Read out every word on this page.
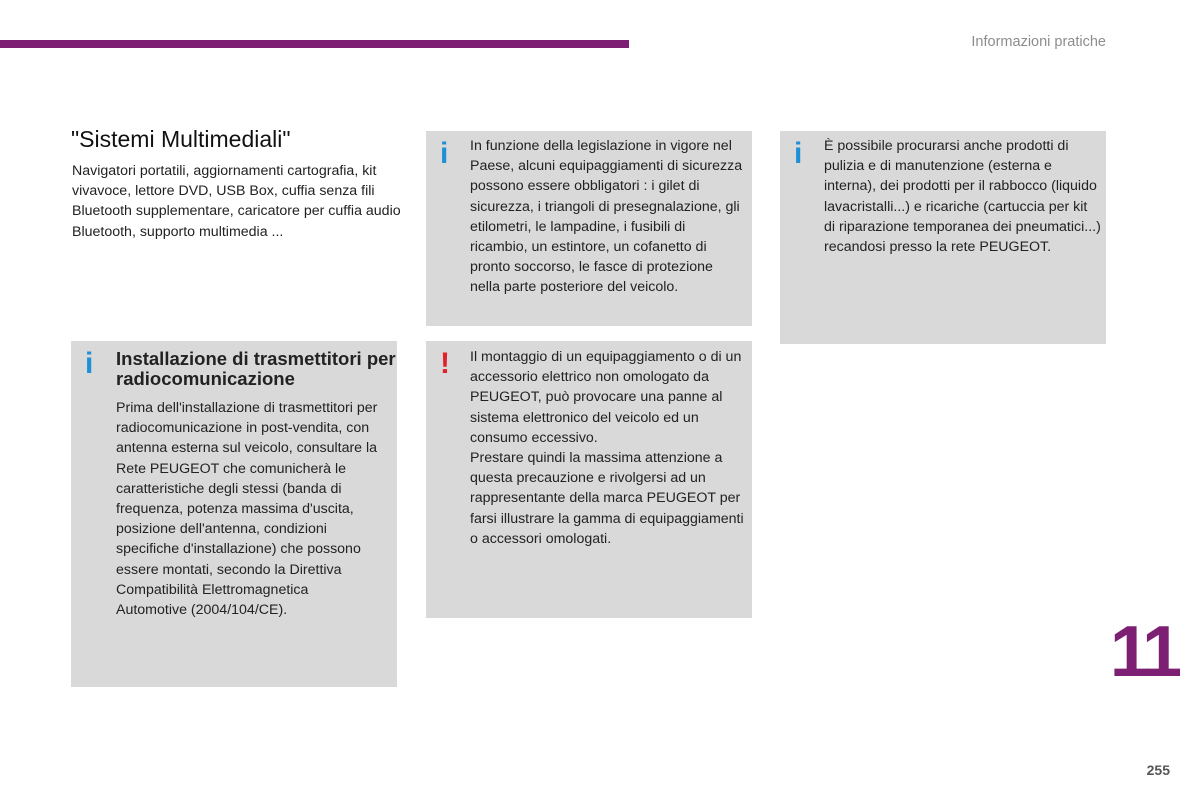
Informazioni pratiche
"Sistemi Multimediali"

Navigatori portatili, aggiornamenti cartografia, kit vivavoce, lettore DVD, USB Box, cuffia senza fili Bluetooth supplementare, caricatore per cuffia audio Bluetooth, supporto multimedia ...

i In funzione della legislazione in vigore nel Paese, alcuni equipaggiamenti di sicurezza possono essere obbligatori : i gilet di sicurezza, i triangoli di presegnalazione, gli etilometri, le lampadine, i fusibili di ricambio, un estintore, un cofanetto di pronto soccorso, le fasce di protezione nella parte posteriore del veicolo.

i È possibile procurarsi anche prodotti di pulizia e di manutenzione (esterna e interna), dei prodotti per il rabbocco (liquido lavacristalli...) e ricariche (cartuccia per kit di riparazione temporanea dei pneumatici...) recandosi presso la rete PEUGEOT.

i Installazione di trasmettitori per radiocomunicazione

Prima dell'installazione di trasmettitori per radiocomunicazione in post-vendita, con antenna esterna sul veicolo, consultare la Rete PEUGEOT che comunicherà le caratteristiche degli stessi (banda di frequenza, potenza massima d'uscita, posizione dell'antenna, condizioni specifiche d'installazione) che possono essere montati, secondo la Direttiva Compatibilità Elettromagnetica Automotive (2004/104/CE).

! Il montaggio di un equipaggiamento o di un accessorio elettrico non omologato da PEUGEOT, può provocare una panne al sistema elettronico del veicolo ed un consumo eccessivo.

Prestare quindi la massima attenzione a questa precauzione e rivolgersi ad un rappresentante della marca PEUGEOT per farsi illustrare la gamma di equipaggiamenti o accessori omologati.

11
255
